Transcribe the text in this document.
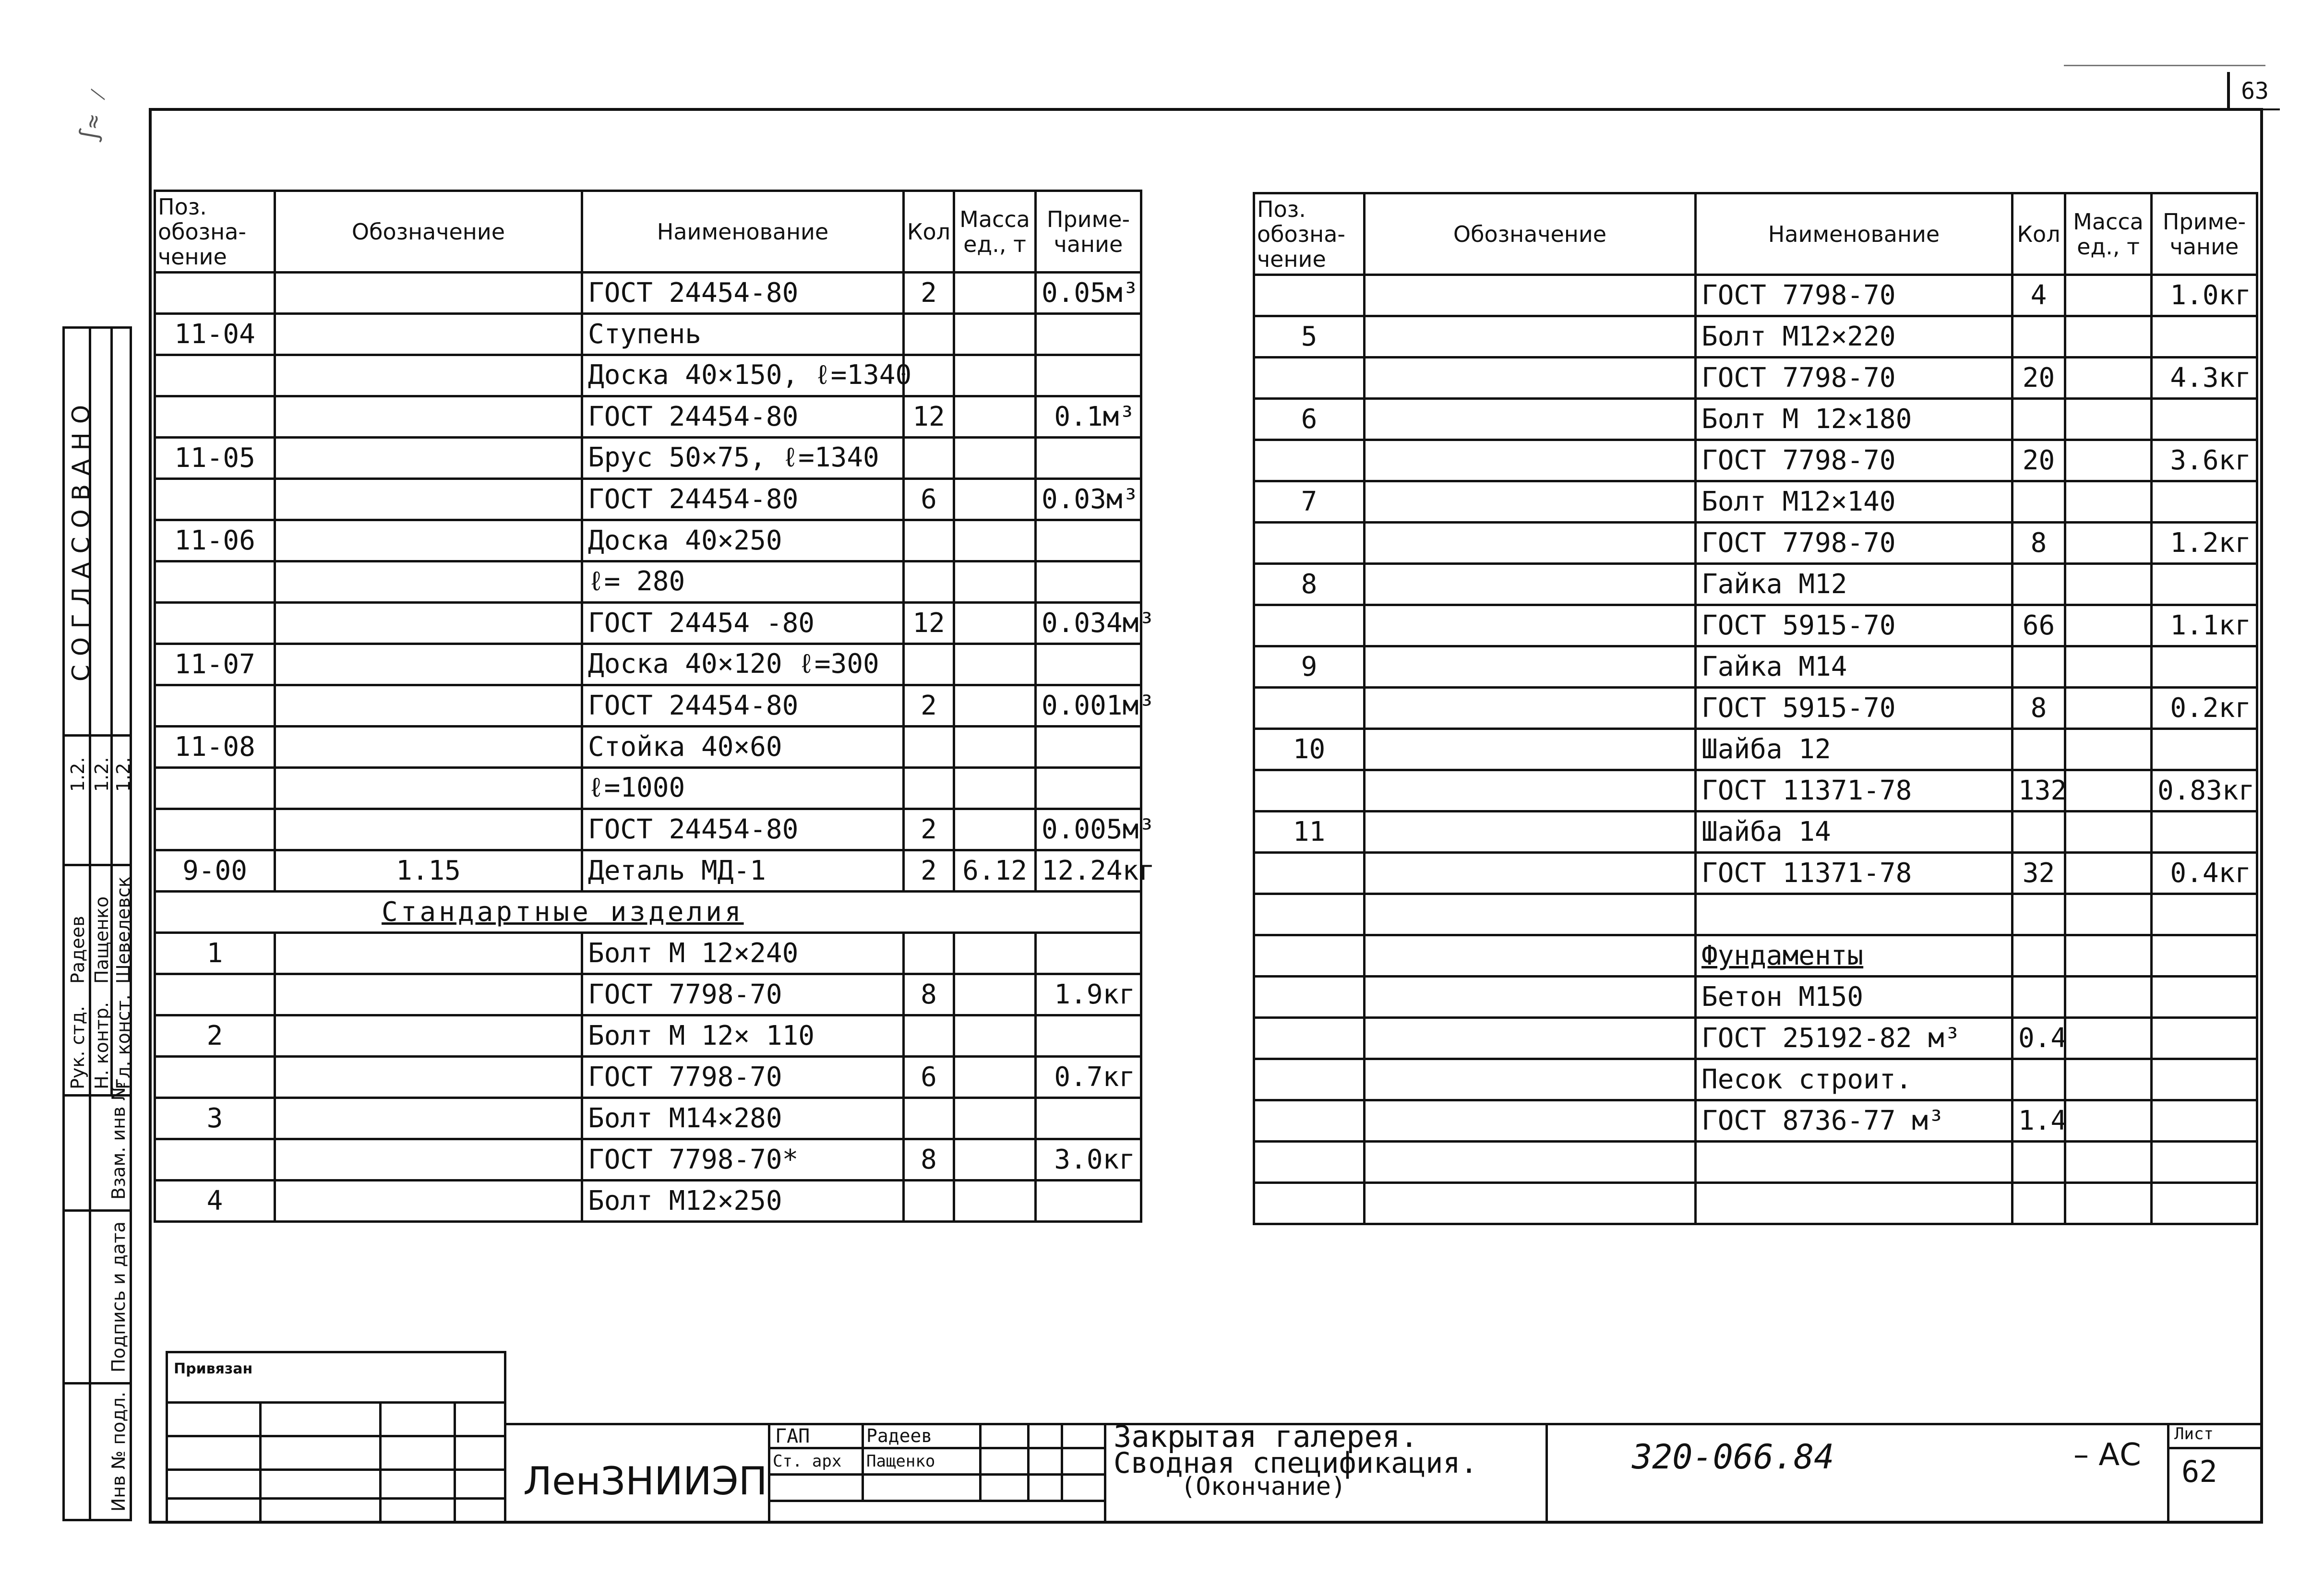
∫≈ ⁄	63
Поз. обозна- чение	Обозначение	Наименование	Кол	Масса ед., т	Приме- чание
		ГОСТ 24454-80	2		0.05м³
11-04		Ступень			
		Доска 40×150, ℓ=1340			
		ГОСТ 24454-80	12		0.1м³
11-05		Брус 50×75, ℓ=1340			
		ГОСТ 24454-80	6		0.03м³
11-06		Доска 40×250			
		ℓ= 280			
		ГОСТ 24454 -80	12		0.034м³
11-07		Доска 40×120 ℓ=300			
		ГОСТ 24454-80	2		0.001м³
11-08		Стойка 40×60			
		ℓ=1000			
		ГОСТ 24454-80	2		0.005м³
9-00	1.15	Деталь МД-1	2	6.12	12.24кг
Стандартные изделия					
1		Болт М 12×240			
		ГОСТ 7798-70	8		1.9кг
2		Болт М 12× 110			
		ГОСТ 7798-70	6		0.7кг
3		Болт М14×280			
		ГОСТ 7798-70*	8		3.0кг
4		Болт М12×250			
Поз. обозна- чение	Обозначение	Наименование	Кол	Масса ед., т	Приме- чание
		ГОСТ 7798-70	4		1.0кг
5		Болт М12×220			
		ГОСТ 7798-70	20		4.3кг
6		Болт М 12×180			
		ГОСТ 7798-70	20		3.6кг
7		Болт М12×140			
		ГОСТ 7798-70	8		1.2кг
8		Гайка М12			
		ГОСТ 5915-70	66		1.1кг
9		Гайка М14			
		ГОСТ 5915-70	8		0.2кг
10		Шайба 12			
		ГОСТ 11371-78	132		0.83кг
11		Шайба 14			
		ГОСТ 11371-78	32		0.4кг

		Фундаменты			
		Бетон М150			
		ГОСТ 25192-82 м³	0.4		
		Песок строит.			
		ГОСТ 8736-77 м³	1.4		

СОГЛАСОВАНО
Рук. стд.
Радеев
1.2.
Н. контр.
Пащенко
1.2.
Гл. конст.
Шевелевск
1.2.
Взам. инв №
Подпись и дата
Инв № подл.
Привязан
ЛенЗНИИЭП
ГАП
Ст. арх
Радеев
Пащенко
Закрытая галерея.
Сводная спецификация.
(Окончание)
320-066.84	– АС
Лист
62
